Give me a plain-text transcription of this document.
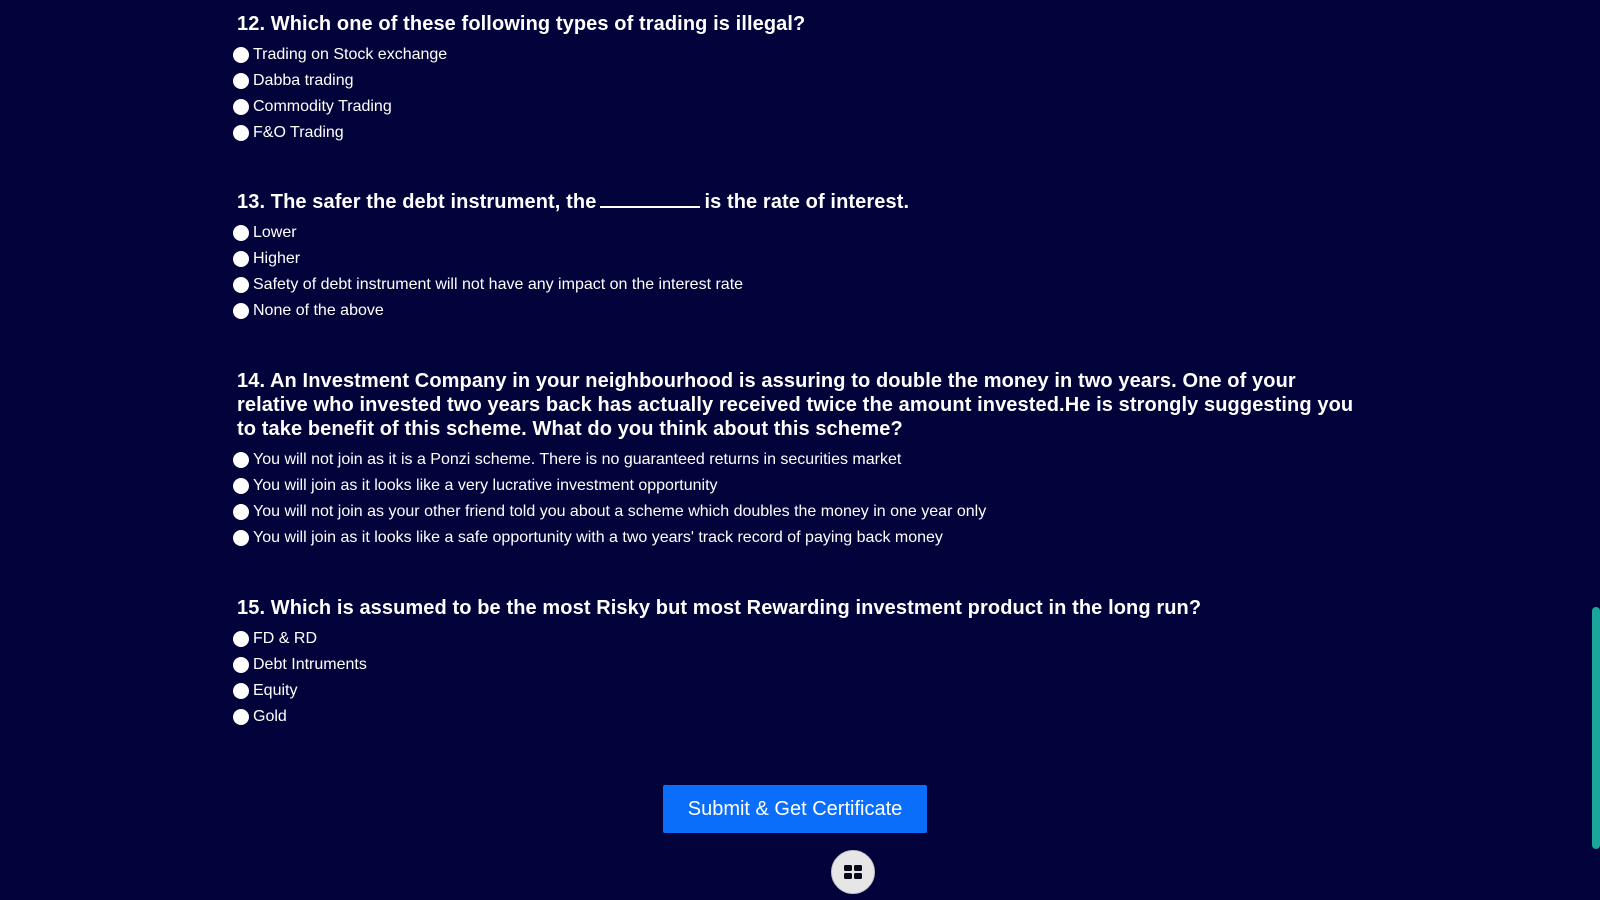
12. Which one of these following types of trading is illegal?
Trading on Stock exchange
Dabba trading
Commodity Trading
F&O Trading
13. The safer the debt instrument, the	is the rate of interest.
Lower
Higher
Safety of debt instrument will not have any impact on the interest rate
None of the above
14. An Investment Company in your neighbourhood is assuring to double the money in two years. One of your relative who invested two years back has actually received twice the amount invested.He is strongly suggesting you to take benefit of this scheme. What do you think about this scheme?
You will not join as it is a Ponzi scheme. There is no guaranteed returns in securities market
You will join as it looks like a very lucrative investment opportunity
You will not join as your other friend told you about a scheme which doubles the money in one year only
You will join as it looks like a safe opportunity with a two years' track record of paying back money
15. Which is assumed to be the most Risky but most Rewarding investment product in the long run?
FD & RD
Debt Intruments
Equity
Gold
Submit & Get Certificate
